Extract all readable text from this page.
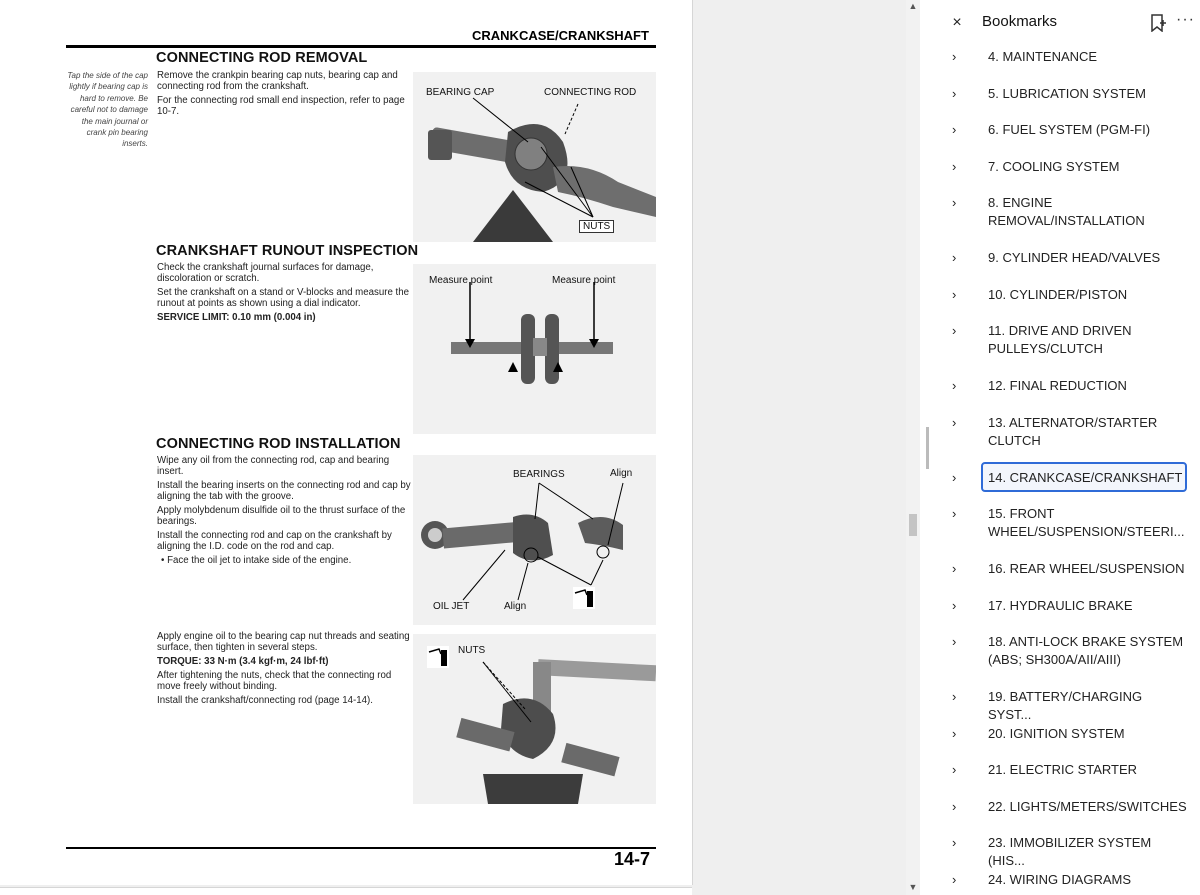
CRANKCASE/CRANKSHAFT
CONNECTING ROD REMOVAL
Tap the side of the cap lightly if bearing cap is hard to remove. Be careful not to damage the main journal or crank pin bearing inserts.

Remove the crankpin bearing cap nuts, bearing cap and connecting rod from the crankshaft.

For the connecting rod small end inspection, refer to page 10-7.

BEARING CAP	CONNECTING ROD
NUTS
CRANKSHAFT RUNOUT INSPECTION

Check the crankshaft journal surfaces for damage, discoloration or scratch.

Set the crankshaft on a stand or V-blocks and measure the runout at points as shown using a dial indicator.

SERVICE LIMIT: 0.10 mm (0.004 in)

Measure point	Measure point
CONNECTING ROD INSTALLATION

Wipe any oil from the connecting rod, cap and bearing insert.

Install the bearing inserts on the connecting rod and cap by aligning the tab with the groove.

Apply molybdenum disulfide oil to the thrust surface of the bearings.

Install the connecting rod and cap on the crankshaft by aligning the I.D. code on the rod and cap.

• Face the oil jet to intake side of the engine.

BEARINGS	Align
OIL JET	Align

Apply engine oil to the bearing cap nut threads and seating surface, then tighten in several steps.

TORQUE: 33 N·m (3.4 kgf·m, 24 lbf·ft)

After tightening the nuts, check that the connecting rod move freely without binding.

Install the crankshaft/connecting rod (page 14-14).

NUTS
14-7
▲
▼
× Bookmarks	···
›	4. MAINTENANCE
›	5. LUBRICATION SYSTEM
›	6. FUEL SYSTEM (PGM-FI)
›	7. COOLING SYSTEM
›	8. ENGINE
REMOVAL/INSTALLATION
›	9. CYLINDER HEAD/VALVES
›	10. CYLINDER/PISTON
›	11. DRIVE AND DRIVEN
PULLEYS/CLUTCH
›	12. FINAL REDUCTION
›	13. ALTERNATOR/STARTER
CLUTCH
›	14. CRANKCASE/CRANKSHAFT
›	15. FRONT
WHEEL/SUSPENSION/STEERI...
›	16. REAR WHEEL/SUSPENSION
›	17. HYDRAULIC BRAKE
›	18. ANTI-LOCK BRAKE SYSTEM
(ABS; SH300A/AII/AIII)
›	19. BATTERY/CHARGING SYST...
›	20. IGNITION SYSTEM
›	21. ELECTRIC STARTER
›	22. LIGHTS/METERS/SWITCHES
›	23. IMMOBILIZER SYSTEM (HIS...
›	24. WIRING DIAGRAMS
